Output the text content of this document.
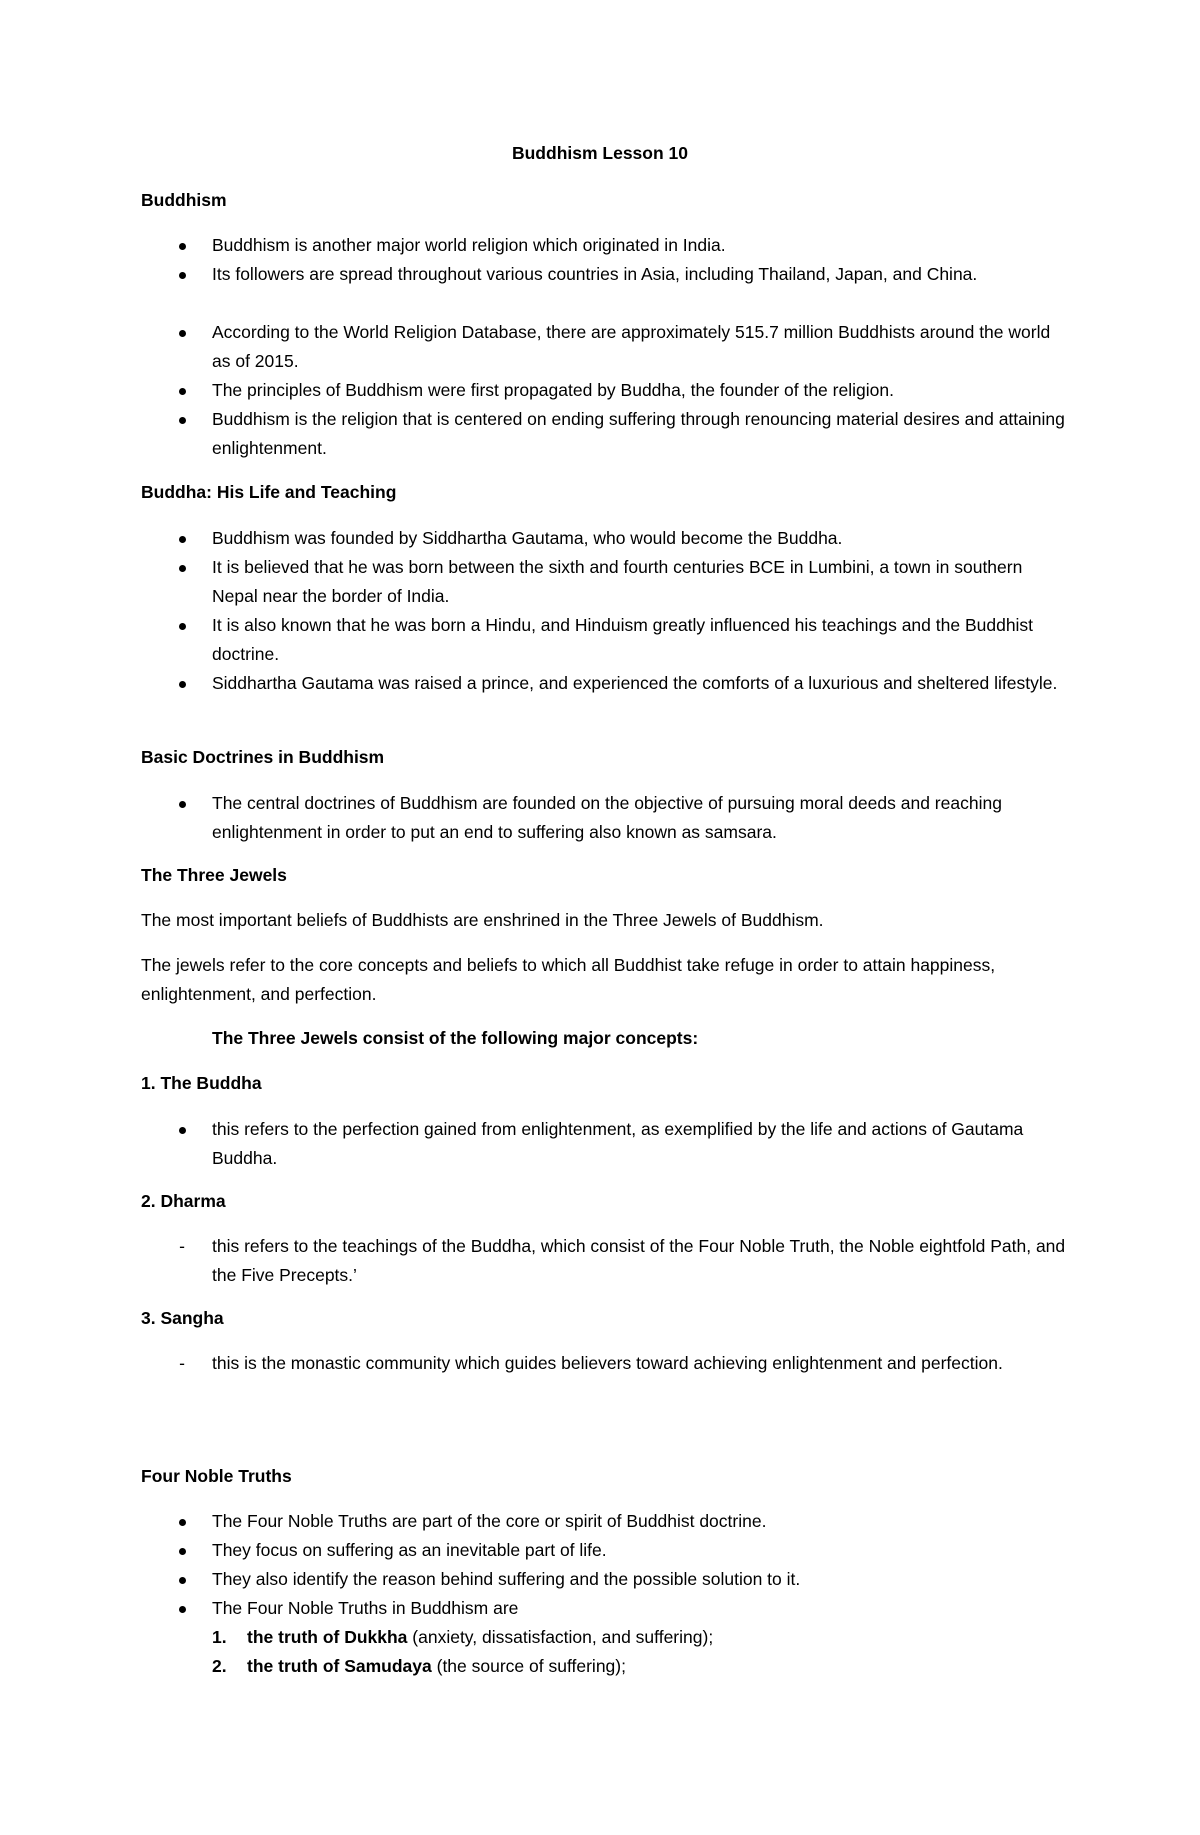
Buddhism Lesson 10

Buddhism

Buddhism is another major world religion which originated in India.

Its followers are spread throughout various countries in Asia, including Thailand, Japan, and China.

According to the World Religion Database, there are approximately 515.7 million Buddhists around the world as of 2015.

The principles of Buddhism were first propagated by Buddha, the founder of the religion.

Buddhism is the religion that is centered on ending suffering through renouncing material desires and attaining enlightenment.

Buddha: His Life and Teaching

Buddhism was founded by Siddhartha Gautama, who would become the Buddha.

It is believed that he was born between the sixth and fourth centuries BCE in Lumbini, a town in southern Nepal near the border of India.

It is also known that he was born a Hindu, and Hinduism greatly influenced his teachings and the Buddhist doctrine.

Siddhartha Gautama was raised a prince, and experienced the comforts of a luxurious and sheltered lifestyle.

Basic Doctrines in Buddhism

The central doctrines of Buddhism are founded on the objective of pursuing moral deeds and reaching enlightenment in order to put an end to suffering also known as samsara.

The Three Jewels

The most important beliefs of Buddhists are enshrined in the Three Jewels of Buddhism.

The jewels refer to the core concepts and beliefs to which all Buddhist take refuge in order to attain happiness, enlightenment, and perfection.

The Three Jewels consist of the following major concepts:

1. The Buddha

this refers to the perfection gained from enlightenment, as exemplified by the life and actions of Gautama Buddha.

2. Dharma

- this refers to the teachings of the Buddha, which consist of the Four Noble Truth, the Noble eightfold Path, and the Five Precepts.’

3. Sangha

- this is the monastic community which guides believers toward achieving enlightenment and perfection.

Four Noble Truths

The Four Noble Truths are part of the core or spirit of Buddhist doctrine.

They focus on suffering as an inevitable part of life.

They also identify the reason behind suffering and the possible solution to it.

The Four Noble Truths in Buddhism are

1. the truth of Dukkha (anxiety, dissatisfaction, and suffering);

2. the truth of Samudaya (the source of suffering);
